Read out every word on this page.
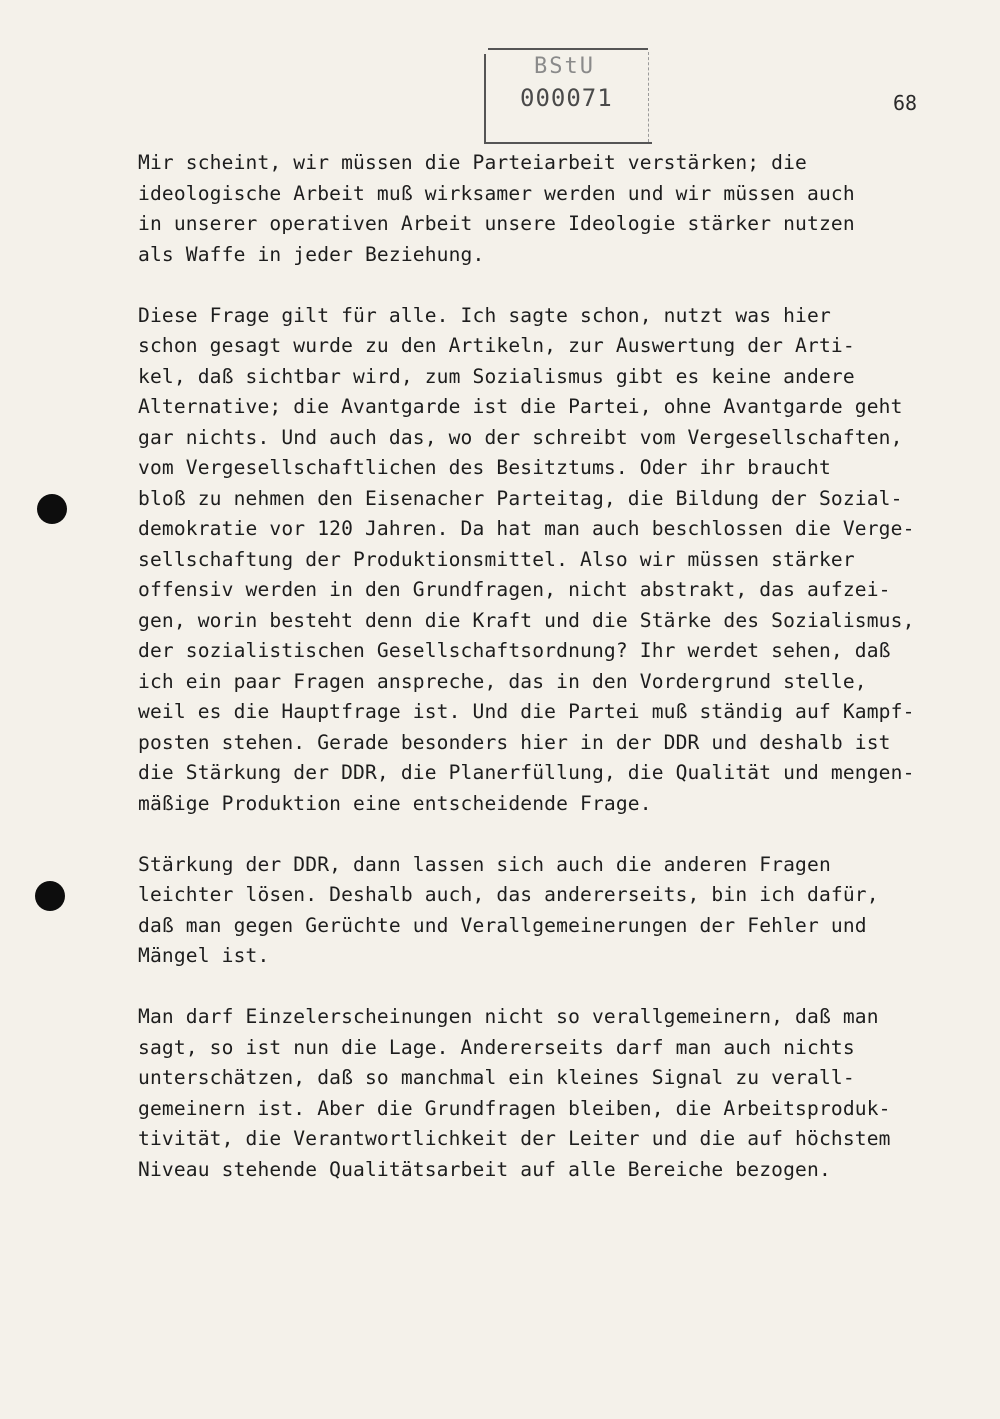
BStU
000071	68
Mir scheint, wir müssen die Parteiarbeit verstärken; die
ideologische Arbeit muß wirksamer werden und wir müssen auch
in unserer operativen Arbeit unsere Ideologie stärker nutzen
als Waffe in jeder Beziehung.
Diese Frage gilt für alle. Ich sagte schon, nutzt was hier
schon gesagt wurde zu den Artikeln, zur Auswertung der Arti-
kel, daß sichtbar wird, zum Sozialismus gibt es keine andere
Alternative; die Avantgarde ist die Partei, ohne Avantgarde geht
gar nichts. Und auch das, wo der schreibt vom Vergesellschaften,
vom Vergesellschaftlichen des Besitztums. Oder ihr braucht
bloß zu nehmen den Eisenacher Parteitag, die Bildung der Sozial-
demokratie vor 120 Jahren. Da hat man auch beschlossen die Verge-
sellschaftung der Produktionsmittel. Also wir müssen stärker
offensiv werden in den Grundfragen, nicht abstrakt, das aufzei-
gen, worin besteht denn die Kraft und die Stärke des Sozialismus,
der sozialistischen Gesellschaftsordnung? Ihr werdet sehen, daß
ich ein paar Fragen anspreche, das in den Vordergrund stelle,
weil es die Hauptfrage ist. Und die Partei muß ständig auf Kampf-
posten stehen. Gerade besonders hier in der DDR und deshalb ist
die Stärkung der DDR, die Planerfüllung, die Qualität und mengen-
mäßige Produktion eine entscheidende Frage.
Stärkung der DDR, dann lassen sich auch die anderen Fragen
leichter lösen. Deshalb auch, das andererseits, bin ich dafür,
daß man gegen Gerüchte und Verallgemeinerungen der Fehler und
Mängel ist.
Man darf Einzelerscheinungen nicht so verallgemeinern, daß man
sagt, so ist nun die Lage. Andererseits darf man auch nichts
unterschätzen, daß so manchmal ein kleines Signal zu verall-
gemeinern ist. Aber die Grundfragen bleiben, die Arbeitsproduk-
tivität, die Verantwortlichkeit der Leiter und die auf höchstem
Niveau stehende Qualitätsarbeit auf alle Bereiche bezogen.
